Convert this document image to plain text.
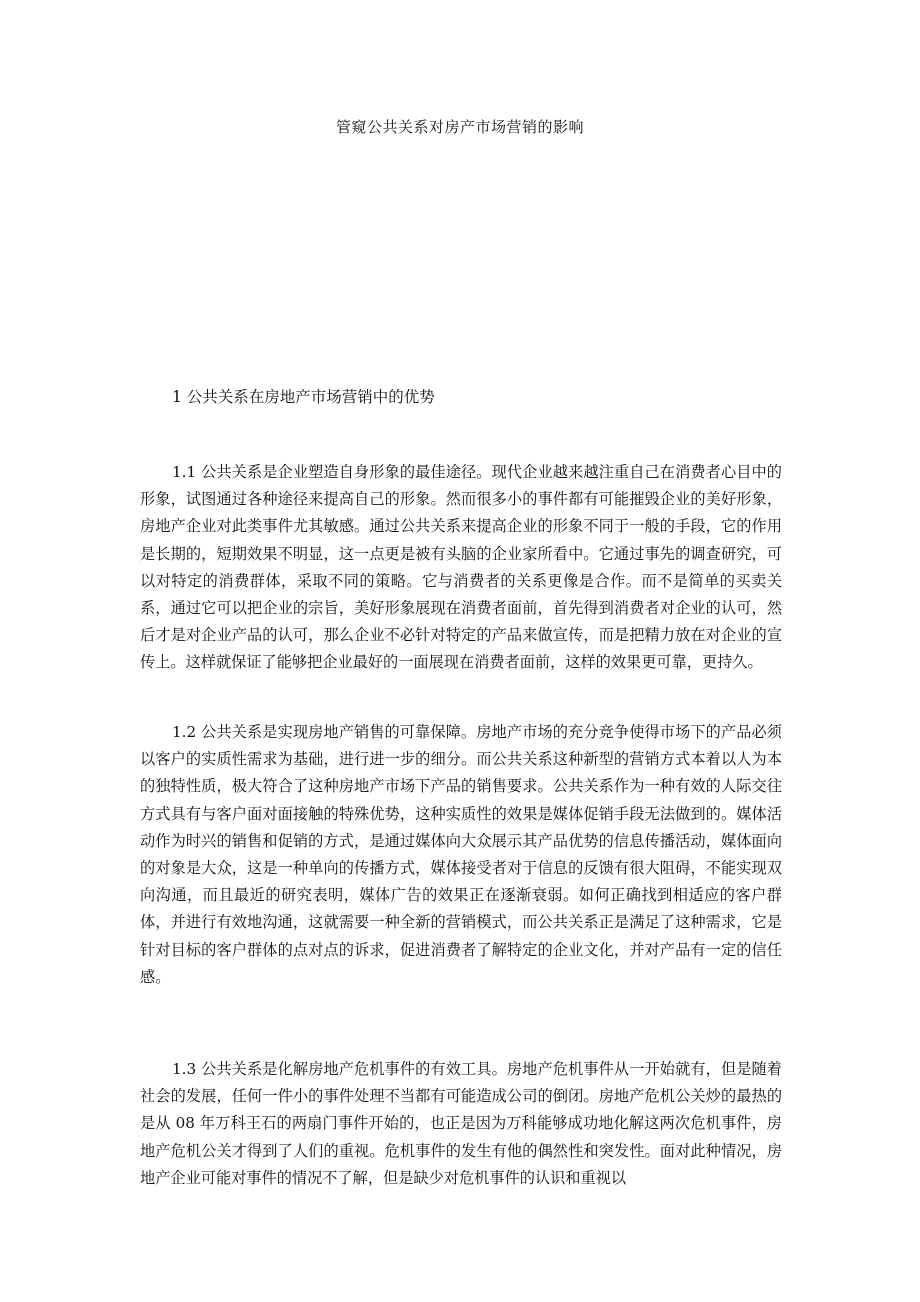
管窥公共关系对房产市场营销的影响
1 公共关系在房地产市场营销中的优势

1.1 公共关系是企业塑造自身形象的最佳途径。现代企业越来越注重自己在消费者心目中的形象，试图通过各种途径来提高自己的形象。然而很多小的事件都有可能摧毁企业的美好形象，房地产企业对此类事件尤其敏感。通过公共关系来提高企业的形象不同于一般的手段，它的作用是长期的，短期效果不明显，这一点更是被有头脑的企业家所看中。它通过事先的调查研究，可以对特定的消费群体，采取不同的策略。它与消费者的关系更像是合作。而不是简单的买卖关系，通过它可以把企业的宗旨，美好形象展现在消费者面前，首先得到消费者对企业的认可，然后才是对企业产品的认可，那么企业不必针对特定的产品来做宣传，而是把精力放在对企业的宣传上。这样就保证了能够把企业最好的一面展现在消费者面前，这样的效果更可靠，更持久。

1.2 公共关系是实现房地产销售的可靠保障。房地产市场的充分竞争使得市场下的产品必须以客户的实质性需求为基础，进行进一步的细分。而公共关系这种新型的营销方式本着以人为本的独特性质，极大符合了这种房地产市场下产品的销售要求。公共关系作为一种有效的人际交往方式具有与客户面对面接触的特殊优势，这种实质性的效果是媒体促销手段无法做到的。媒体活动作为时兴的销售和促销的方式，是通过媒体向大众展示其产品优势的信息传播活动，媒体面向的对象是大众，这是一种单向的传播方式，媒体接受者对于信息的反馈有很大阻碍，不能实现双向沟通，而且最近的研究表明，媒体广告的效果正在逐渐衰弱。如何正确找到相适应的客户群体，并进行有效地沟通，这就需要一种全新的营销模式，而公共关系正是满足了这种需求，它是针对目标的客户群体的点对点的诉求，促进消费者了解特定的企业文化，并对产品有一定的信任感。

1.3 公共关系是化解房地产危机事件的有效工具。房地产危机事件从一开始就有，但是随着社会的发展，任何一件小的事件处理不当都有可能造成公司的倒闭。房地产危机公关炒的最热的是从 08 年万科王石的两扇门事件开始的，也正是因为万科能够成功地化解这两次危机事件，房地产危机公关才得到了人们的重视。危机事件的发生有他的偶然性和突发性。面对此种情况，房地产企业可能对事件的情况不了解，但是缺少对危机事件的认识和重视以
